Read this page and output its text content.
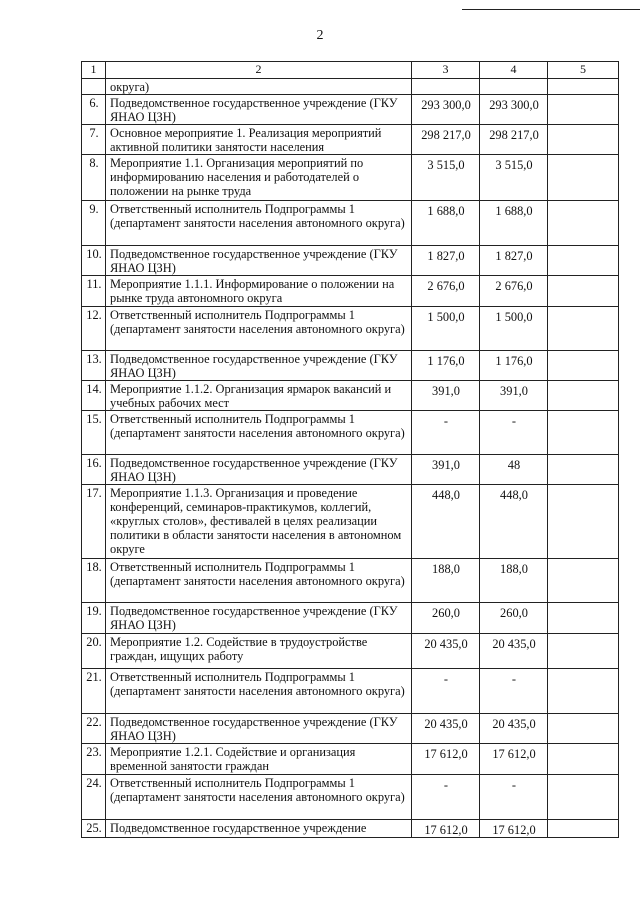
2
1	2	3	4	5
	округа)			
6.	Подведомственное государственное учреждение (ГКУ ЯНАО ЦЗН)	293 300,0	293 300,0	
7.	Основное мероприятие 1. Реализация мероприятий активной политики занятости населения	298 217,0	298 217,0	
8.	Мероприятие 1.1. Организация мероприятий по информированию населения и работодателей о положении на рынке труда	3 515,0	3 515,0	
9.	Ответственный исполнитель Подпрограммы 1 (департамент занятости населения автономного округа)	1 688,0	1 688,0	
10.	Подведомственное государственное учреждение (ГКУ ЯНАО ЦЗН)	1 827,0	1 827,0	
11.	Мероприятие 1.1.1. Информирование о положении на рынке труда автономного округа	2 676,0	2 676,0	
12.	Ответственный исполнитель Подпрограммы 1 (департамент занятости населения автономного округа)	1 500,0	1 500,0	
13.	Подведомственное государственное учреждение (ГКУ ЯНАО ЦЗН)	1 176,0	1 176,0	
14.	Мероприятие 1.1.2. Организация ярмарок вакансий и учебных рабочих мест	391,0	391,0	
15.	Ответственный исполнитель Подпрограммы 1 (департамент занятости населения автономного округа)	-	-	
16.	Подведомственное государственное учреждение (ГКУ ЯНАО ЦЗН)	391,0	48	
17.	Мероприятие 1.1.3. Организация и проведение конференций, семинаров-практикумов, коллегий, «круглых столов», фестивалей в целях реализации политики в области занятости населения в автономном округе	448,0	448,0	
18.	Ответственный исполнитель Подпрограммы 1 (департамент занятости населения автономного округа)	188,0	188,0	
19.	Подведомственное государственное учреждение (ГКУ ЯНАО ЦЗН)	260,0	260,0	
20.	Мероприятие 1.2. Содействие в трудоустройстве граждан, ищущих работу	20 435,0	20 435,0	
21.	Ответственный исполнитель Подпрограммы 1 (департамент занятости населения автономного округа)	-	-	
22.	Подведомственное государственное учреждение (ГКУ ЯНАО ЦЗН)	20 435,0	20 435,0	
23.	Мероприятие 1.2.1. Содействие и организация временной занятости граждан	17 612,0	17 612,0	
24.	Ответственный исполнитель Подпрограммы 1 (департамент занятости населения автономного округа)	-	-	
25.	Подведомственное государственное учреждение	17 612,0	17 612,0	
